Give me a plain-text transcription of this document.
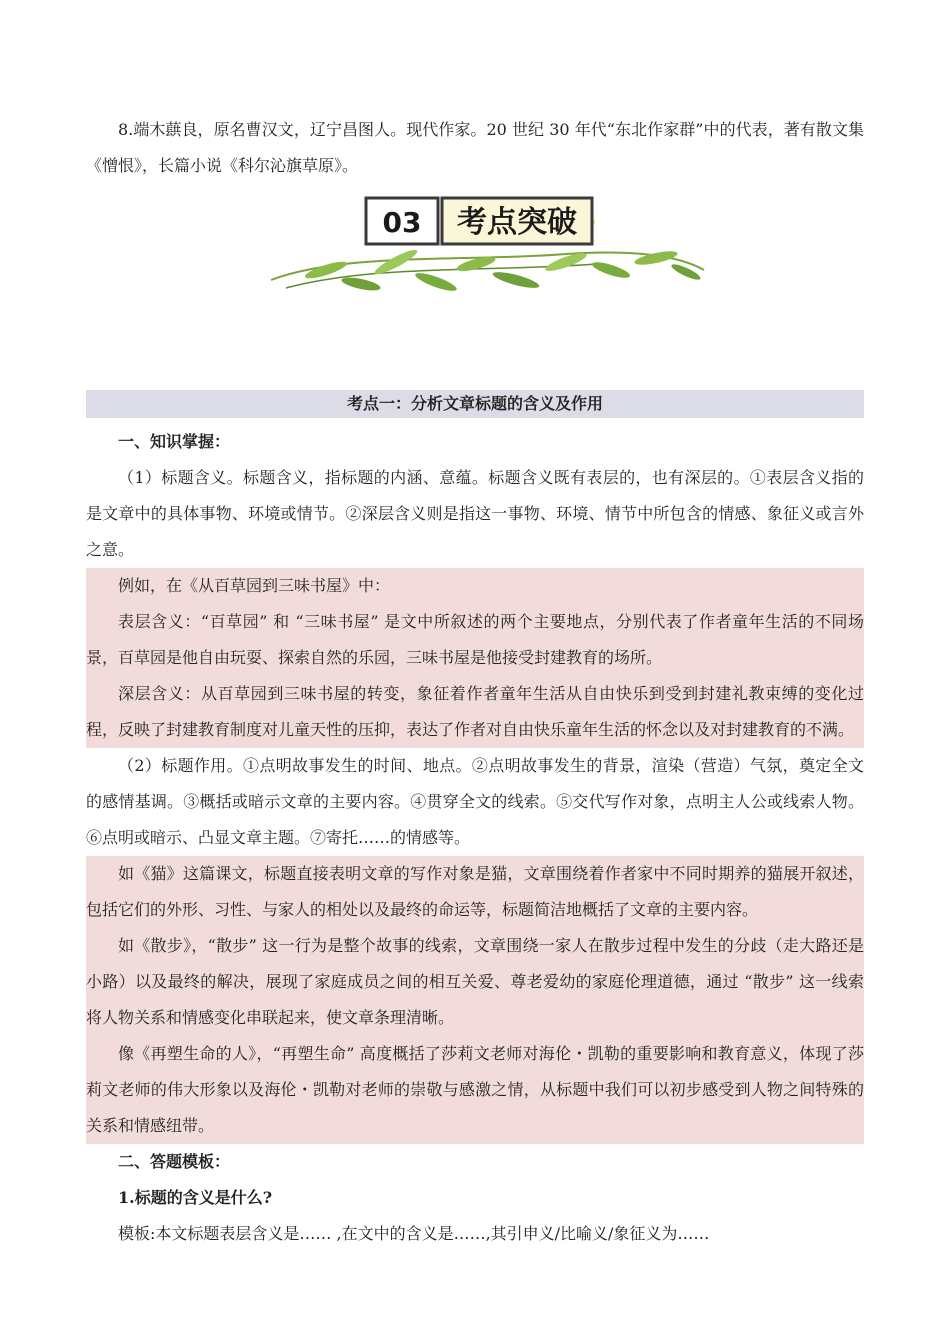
8.端木蕻良，原名曹汉文，辽宁昌图人。现代作家。20 世纪 30 年代“东北作家群”中的代表，著有散文集《憎恨》，长篇小说《科尔沁旗草原》。

03 考点突破
考点一：分析文章标题的含义及作用

一、知识掌握：

（1）标题含义。标题含义，指标题的内涵、意蕴。标题含义既有表层的，也有深层的。①表层含义指的是文章中的具体事物、环境或情节。②深层含义则是指这一事物、环境、情节中所包含的情感、象征义或言外之意。

例如，在《从百草园到三味书屋》中：

表层含义：“百草园” 和 “三味书屋” 是文中所叙述的两个主要地点，分别代表了作者童年生活的不同场景，百草园是他自由玩耍、探索自然的乐园，三味书屋是他接受封建教育的场所。

深层含义：从百草园到三味书屋的转变，象征着作者童年生活从自由快乐到受到封建礼教束缚的变化过程，反映了封建教育制度对儿童天性的压抑，表达了作者对自由快乐童年生活的怀念以及对封建教育的不满。

（2）标题作用。①点明故事发生的时间、地点。②点明故事发生的背景，渲染（营造）气氛，奠定全文的感情基调。③概括或暗示文章的主要内容。④贯穿全文的线索。⑤交代写作对象，点明主人公或线索人物。⑥点明或暗示、凸显文章主题。⑦寄托……的情感等。

如《猫》这篇课文，标题直接表明文章的写作对象是猫，文章围绕着作者家中不同时期养的猫展开叙述，包括它们的外形、习性、与家人的相处以及最终的命运等，标题简洁地概括了文章的主要内容。

如《散步》，“散步” 这一行为是整个故事的线索，文章围绕一家人在散步过程中发生的分歧（走大路还是小路）以及最终的解决，展现了家庭成员之间的相互关爱、尊老爱幼的家庭伦理道德，通过 “散步” 这一线索将人物关系和情感变化串联起来，使文章条理清晰。

像《再塑生命的人》，“再塑生命” 高度概括了莎莉文老师对海伦・凯勒的重要影响和教育意义，体现了莎莉文老师的伟大形象以及海伦・凯勒对老师的崇敬与感激之情，从标题中我们可以初步感受到人物之间特殊的关系和情感纽带。

二、答题模板：

1.标题的含义是什么?

模板:本文标题表层含义是…… ,在文中的含义是……,其引申义/比喻义/象征义为……
